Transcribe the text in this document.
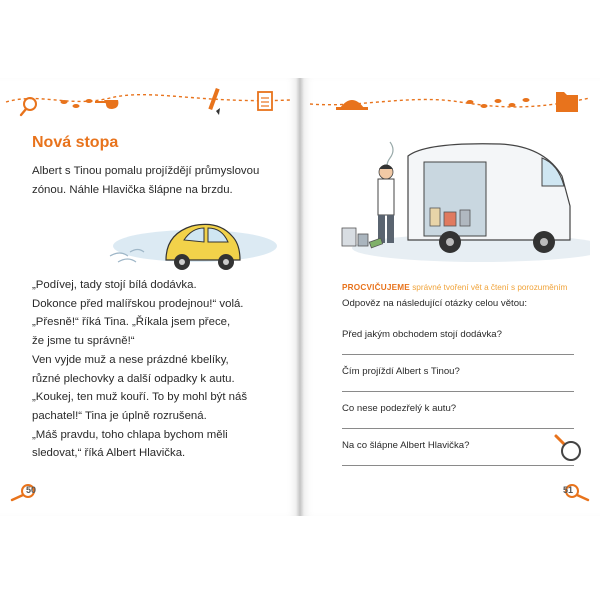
Nová stopa
Albert s Tinou pomalu projíždějí průmyslovou
zónou. Náhle Hlavička šlápne na brzdu.
„Podívej, tady stojí bílá dodávka.
Dokonce před malířskou prodejnou!“ volá.
„Přesně!“ říká Tina. „Říkala jsem přece,
že jsme tu správně!“
Ven vyjde muž a nese prázdné kbelíky,
různé plechovky a další odpadky k autu.
„Koukej, ten muž kouří. To by mohl být náš
pachatel!“ Tina je úplně rozrušená.
„Máš pravdu, toho chlapa bychom měli
sledovat,“ říká Albert Hlavička.
50
PROCVIČUJEME správné tvoření vět a čtení s porozuměním
Odpověz na následující otázky celou větou:
Před jakým obchodem stojí dodávka?
Čím projíždí Albert s Tinou?
Co nese podezřelý k autu?
Na co šlápne Albert Hlavička?
51
